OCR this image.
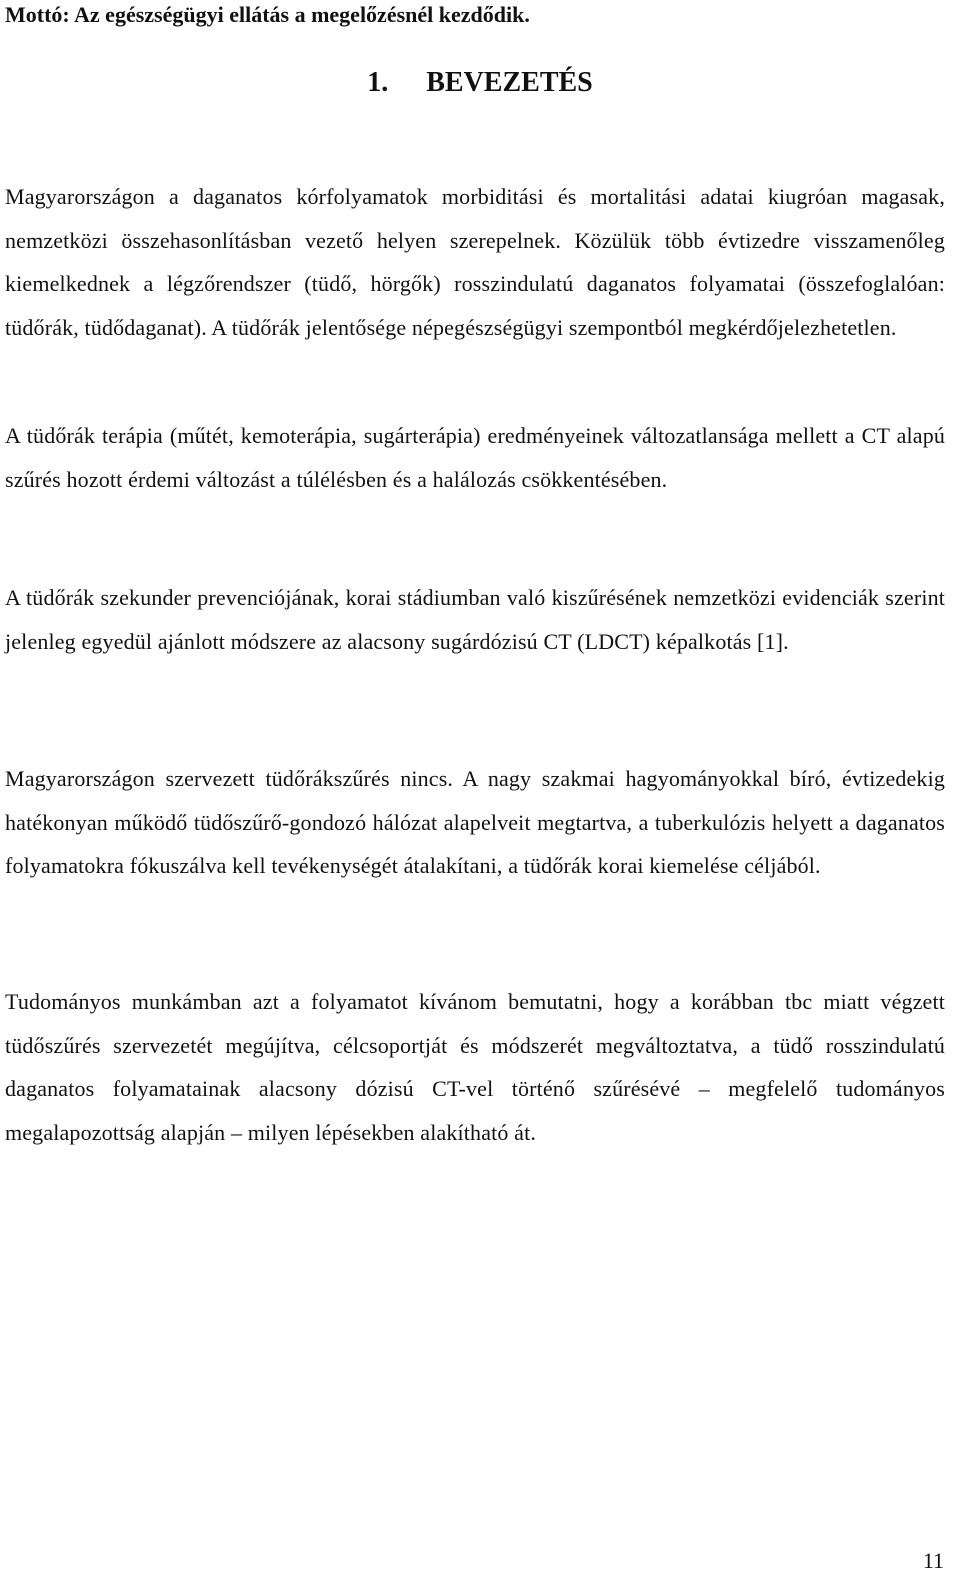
Mottó: Az egészségügyi ellátás a megelőzésnél kezdődik.
1. BEVEZETÉS

Magyarországon a daganatos kórfolyamatok morbiditási és mortalitási adatai kiugróan magasak, nemzetközi összehasonlításban vezető helyen szerepelnek. Közülük több évtizedre visszamenőleg kiemelkednek a légzőrendszer (tüdő, hörgők) rosszindulatú daganatos folyamatai (összefoglalóan: tüdőrák, tüdődaganat). A tüdőrák jelentősége népegészségügyi szempontból megkérdőjelezhetetlen.

A tüdőrák terápia (műtét, kemoterápia, sugárterápia) eredményeinek változatlansága mellett a CT alapú szűrés hozott érdemi változást a túlélésben és a halálozás csökkentésében.

A tüdőrák szekunder prevenciójának, korai stádiumban való kiszűrésének nemzetközi evidenciák szerint jelenleg egyedül ajánlott módszere az alacsony sugárdózisú CT (LDCT) képalkotás [1].

Magyarországon szervezett tüdőrákszűrés nincs. A nagy szakmai hagyományokkal bíró, évtizedekig hatékonyan működő tüdőszűrő-gondozó hálózat alapelveit megtartva, a tuberkulózis helyett a daganatos folyamatokra fókuszálva kell tevékenységét átalakítani, a tüdőrák korai kiemelése céljából.

Tudományos munkámban azt a folyamatot kívánom bemutatni, hogy a korábban tbc miatt végzett tüdőszűrés szervezetét megújítva, célcsoportját és módszerét megváltoztatva, a tüdő rosszindulatú daganatos folyamatainak alacsony dózisú CT-vel történő szűrésévé – megfelelő tudományos megalapozottság alapján – milyen lépésekben alakítható át.

11
